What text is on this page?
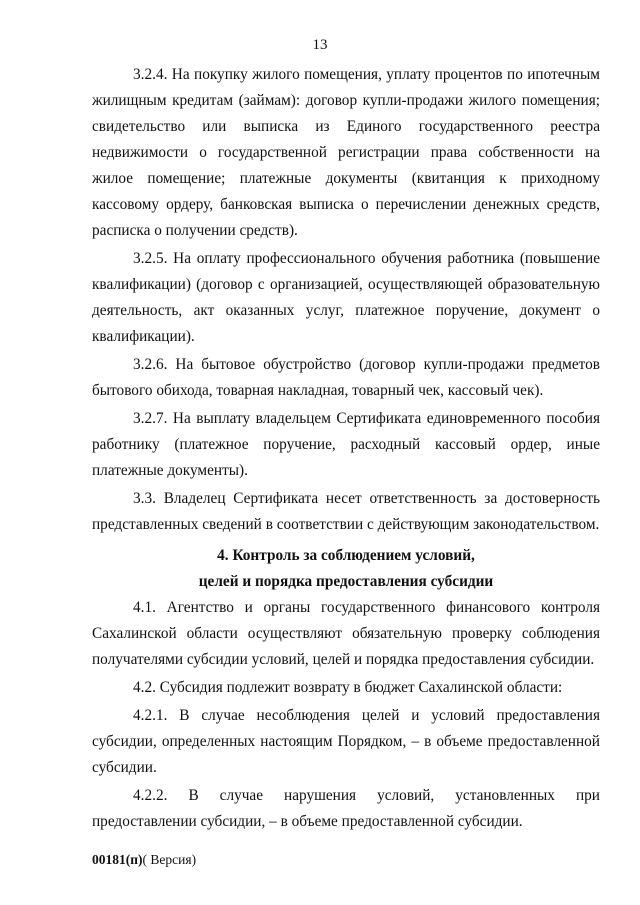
13

3.2.4. На покупку жилого помещения, уплату процентов по ипотечным жилищным кредитам (займам): договор купли-продажи жилого помещения; свидетельство или выписка из Единого государственного реестра недвижимости о государственной регистрации права собственности на жилое помещение; платежные документы (квитанция к приходному кассовому ордеру, банковская выписка о перечислении денежных средств, расписка о получении средств).

3.2.5. На оплату профессионального обучения работника (повышение квалификации) (договор с организацией, осуществляющей образовательную деятельность, акт оказанных услуг, платежное поручение, документ о квалификации).

3.2.6. На бытовое обустройство (договор купли-продажи предметов бытового обихода, товарная накладная, товарный чек, кассовый чек).

3.2.7. На выплату владельцем Сертификата единовременного пособия работнику (платежное поручение, расходный кассовый ордер, иные платежные документы).

3.3. Владелец Сертификата несет ответственность за достоверность представленных сведений в соответствии с действующим законодательством.

4. Контроль за соблюдением условий,
целей и порядка предоставления субсидии

4.1. Агентство и органы государственного финансового контроля Сахалинской области осуществляют обязательную проверку соблюдения получателями субсидии условий, целей и порядка предоставления субсидии.

4.2. Субсидия подлежит возврату в бюджет Сахалинской области:

4.2.1. В случае несоблюдения целей и условий предоставления субсидии, определенных настоящим Порядком, – в объеме предоставленной субсидии.

4.2.2. В случае нарушения условий, установленных при предоставлении субсидии, – в объеме предоставленной субсидии.

00181(п)( Версия)
